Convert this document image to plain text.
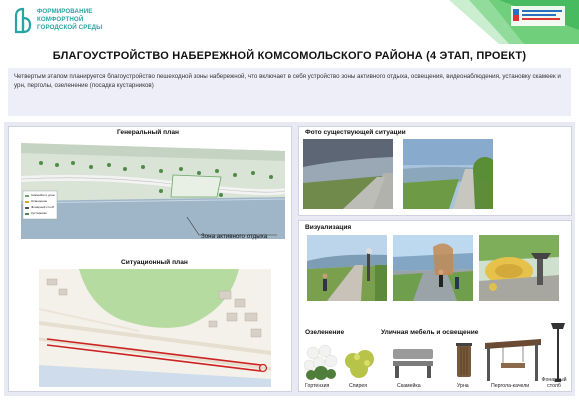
ФОРМИРОВАНИЕ
КОМФОРТНОЙ
ГОРОДСКОЙ СРЕДЫ
БЛАГОУСТРОЙСТВО НАБЕРЕЖНОЙ КОМСОМОЛЬСКОГО РАЙОНА (4 ЭТАП, ПРОЕКТ)
Четвертым этапом планируется благоустройство пешеходной зоны набережной, что включает в себя устройство зоны активного отдыха, освещения, видеонаблюдения, установку скамеек и урн, перголы, озеленение (посадка кустарников)
Генеральный план
Скамейки и урны
Освещение
Фонарный столб
Кустарники
Зона активного отдыха
Ситуационный план
Фото существующей ситуации
Визуализация
Озеленение	Уличная мебель и освещение
Гортензия	Спирея	Скамейка	Урна	Пергола-качели
Фонарный столб
